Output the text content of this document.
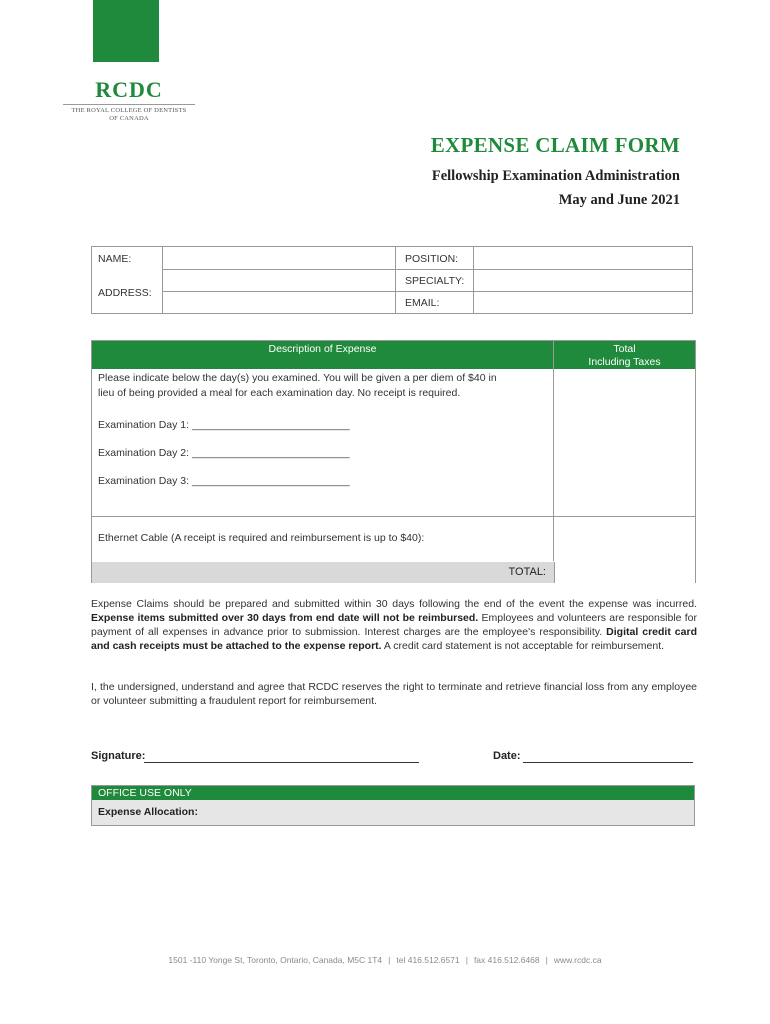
RCDC
THE ROYAL COLLEGE OF DENTISTS
OF CANADA
EXPENSE CLAIM FORM
Fellowship Examination Administration
May and June 2021
NAME:
ADDRESS:
POSITION:
SPECIALTY:
EMAIL:
Description of Expense	Total
Including Taxes
Please indicate below the day(s) you examined. You will be given a per diem of $40 in
lieu of being provided a meal for each examination day. No receipt is required.
Examination Day 1: ___________________________
Examination Day 2: ___________________________
Examination Day 3: ___________________________
Ethernet Cable (A receipt is required and reimbursement is up to $40):
TOTAL:
Expense Claims should be prepared and submitted within 30 days following the end of the event the expense was incurred. Expense items submitted over 30 days from end date will not be reimbursed. Employees and volunteers are responsible for payment of all expenses in advance prior to submission. Interest charges are the employee's responsibility. Digital credit card and cash receipts must be attached to the expense report. A credit card statement is not acceptable for reimbursement.
I, the undersigned, understand and agree that RCDC reserves the right to terminate and retrieve financial loss from any employee or volunteer submitting a fraudulent report for reimbursement.
Signature:	Date:
OFFICE USE ONLY
Expense Allocation:
1501 -110 Yonge St, Toronto, Ontario, Canada, M5C 1T4 | tel 416.512.6571 | fax 416.512.6468 | www.rcdc.ca
